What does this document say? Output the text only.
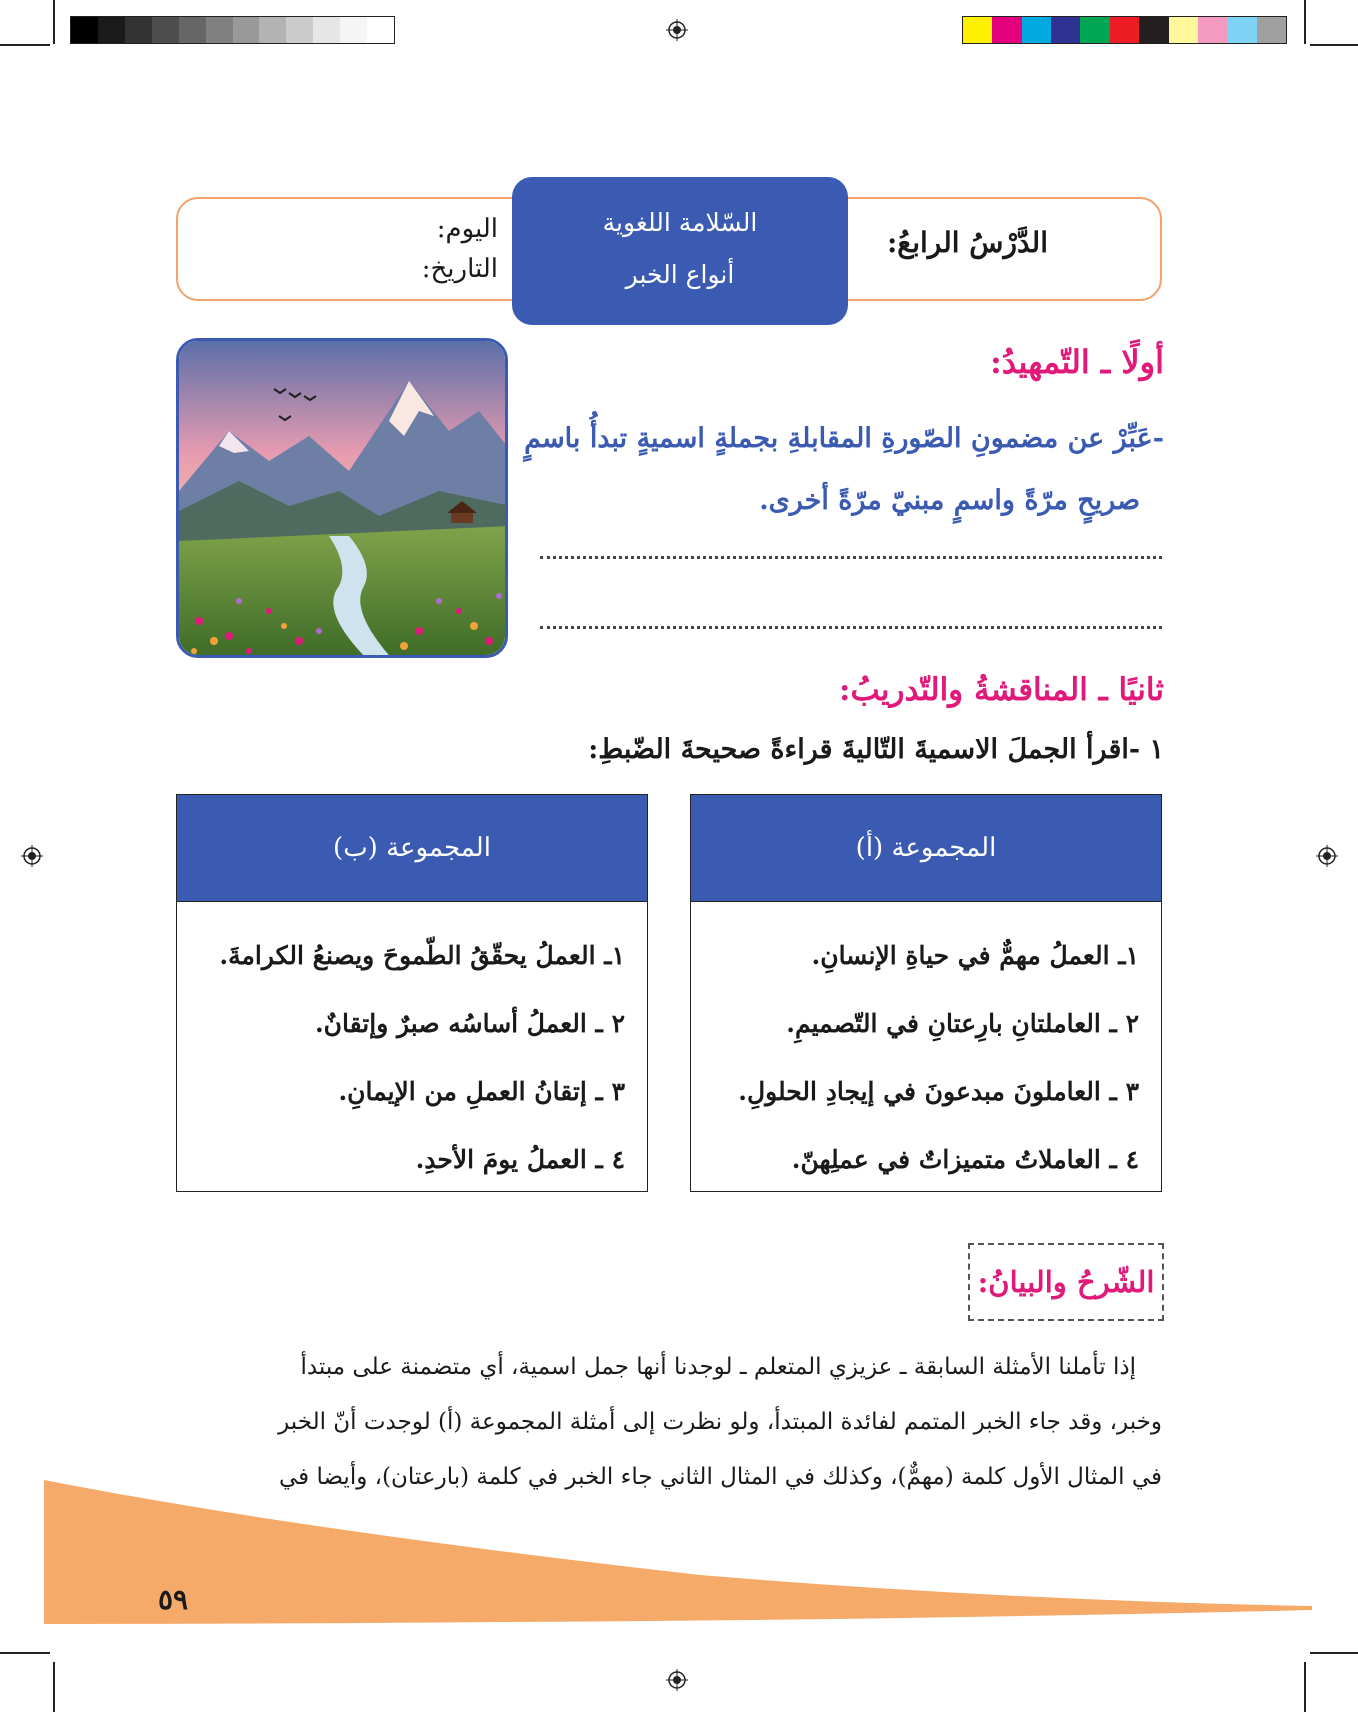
السّلامة اللغوية
أنواع الخبر
الدَّرْسُ الرابعُ:
اليوم:
التاريخ:
أولًا ـ التّمهيدُ:
-عَبِّرْ عن مضمونِ الصّورةِ المقابلةِ بجملةٍ اسميةٍ تبدأُ باسمٍ
صريحٍ مرّةً واسمٍ مبنيّ مرّةً أخرى.
ثانيًا ـ المناقشةُ والتّدريبُ:
١ -اقرأ الجملَ الاسميةَ التّاليةَ قراءةً صحيحةَ الضّبطِ:
المجموعة (أ)
١ـ العملُ مهمٌّ في حياةِ الإنسانِ.
٢ ـ العاملتانِ بارِعتانِ في التّصميمِ.
٣ ـ العاملونَ مبدعونَ في إيجادِ الحلولِ.
٤ ـ العاملاتُ متميزاتٌ في عملِهنّ.
المجموعة (ب)
١ـ العملُ يحقّقُ الطّموحَ ويصنعُ الكرامةَ.
٢ ـ العملُ أساسُه صبرٌ وإتقانٌ.
٣ ـ إتقانُ العملِ من الإيمانِ.
٤ ـ العملُ يومَ الأحدِ.
الشّرحُ والبيانُ:
إذا تأملنا الأمثلة السابقة ـ عزيزي المتعلم ـ لوجدنا أنها جمل اسمية، أي متضمنة على مبتدأ
وخبر، وقد جاء الخبر المتمم لفائدة المبتدأ، ولو نظرت إلى أمثلة المجموعة (أ) لوجدت أنّ الخبر
في المثال الأول كلمة (مهمٌّ)، وكذلك في المثال الثاني جاء الخبر في كلمة (بارعتان)، وأيضا في
٥٩
